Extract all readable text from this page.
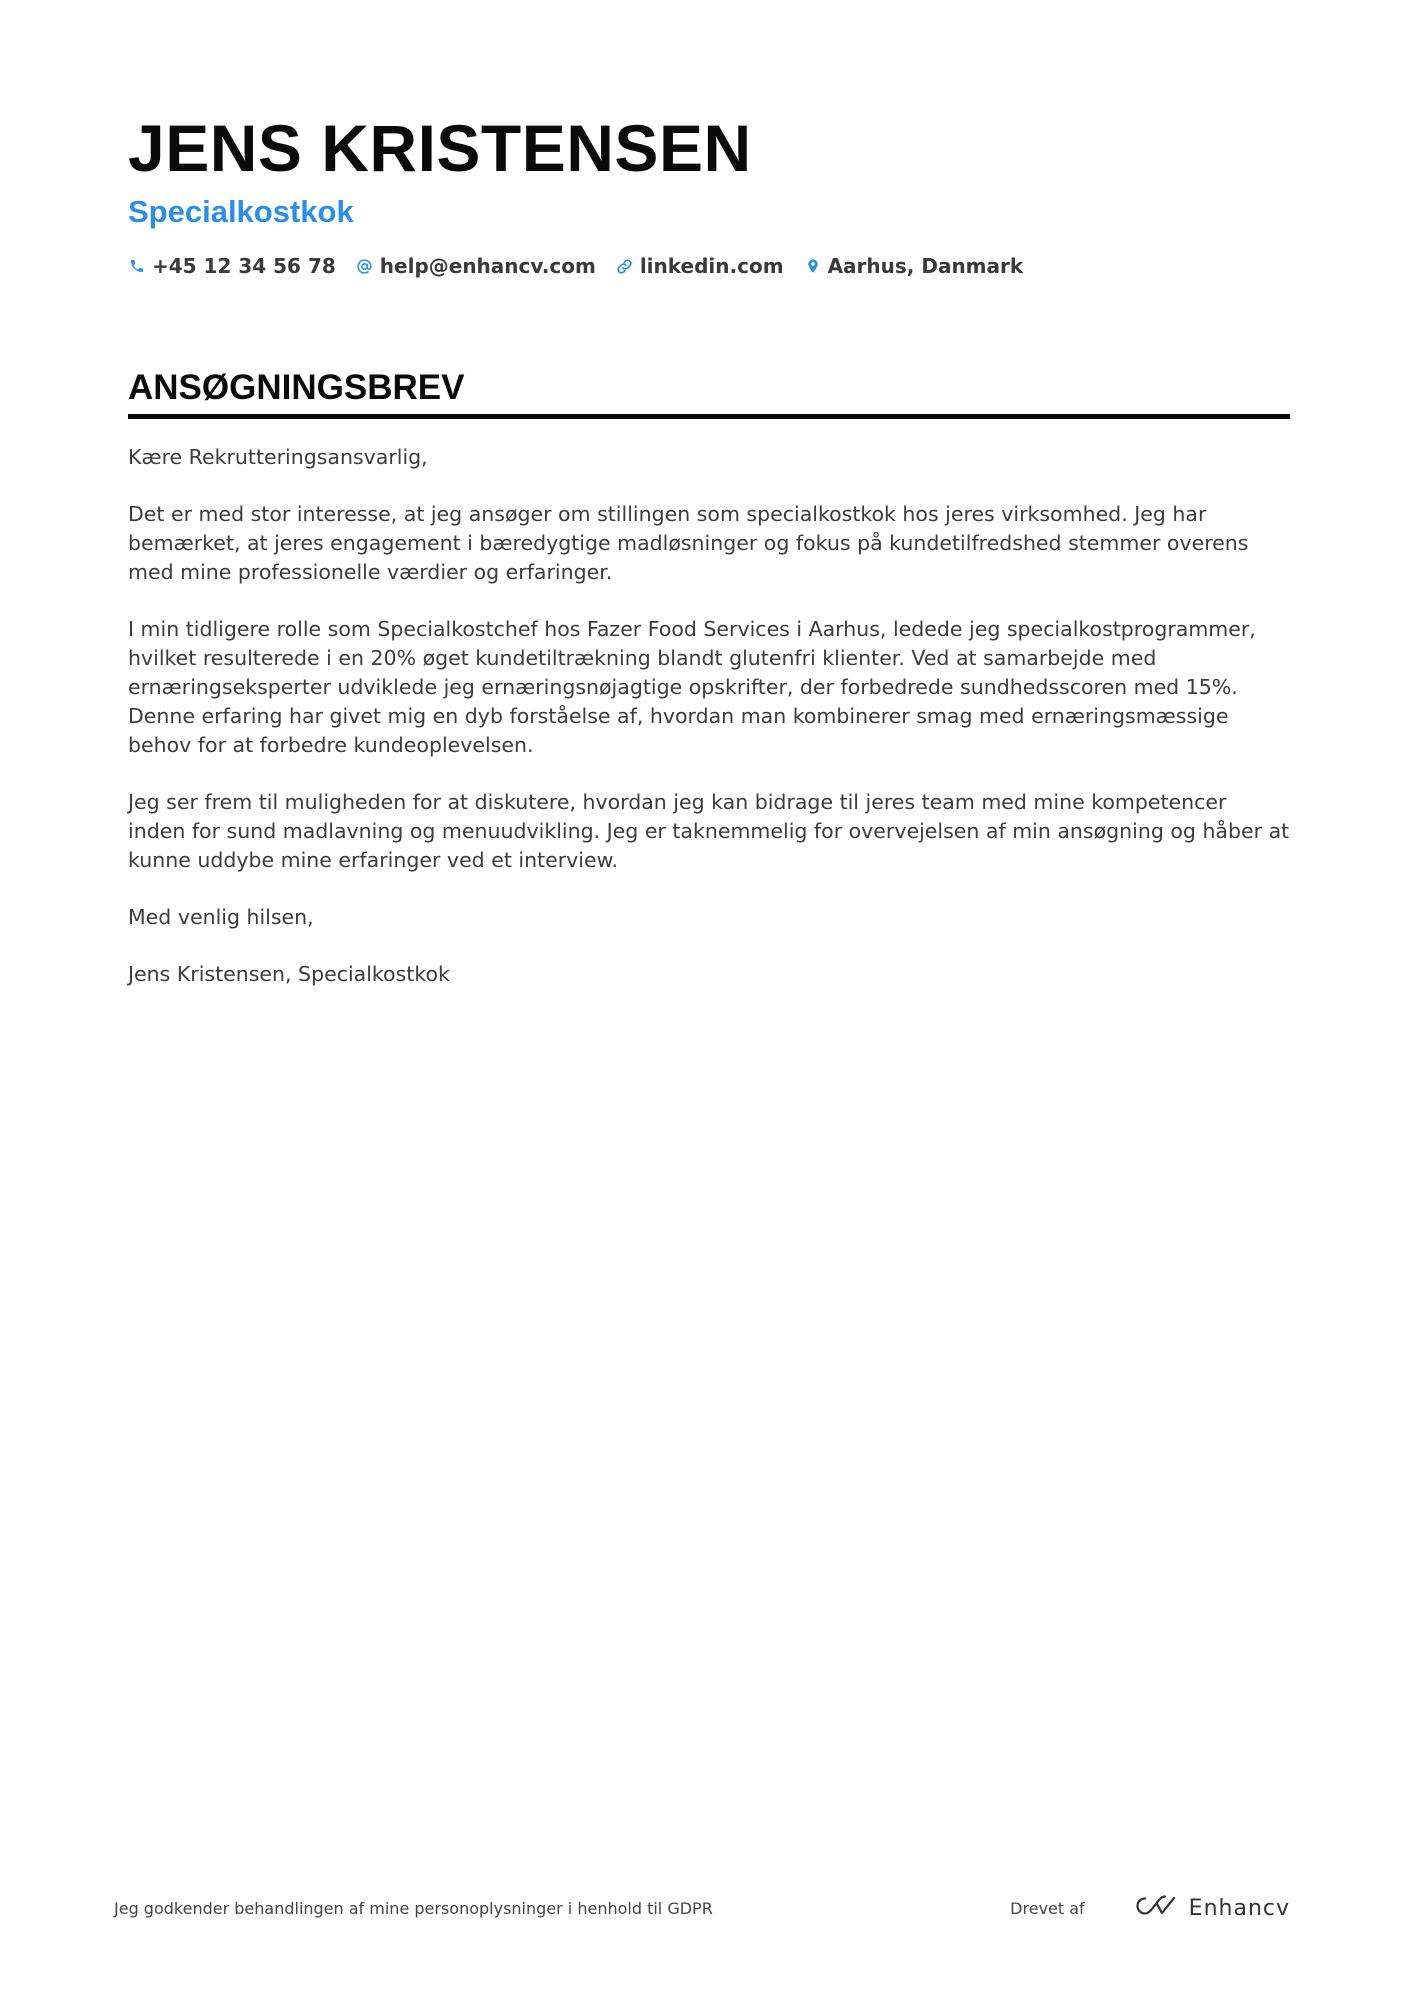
JENS KRISTENSEN
Specialkostkok
+45 12 34 56 78 help@enhancv.com linkedin.com Aarhus, Danmark
ANSØGNINGSBREV

Kære Rekrutteringsansvarlig,

Det er med stor interesse, at jeg ansøger om stillingen som specialkostkok hos jeres virksomhed. Jeg har bemærket, at jeres engagement i bæredygtige madløsninger og fokus på kundetilfredshed stemmer overens med mine professionelle værdier og erfaringer.

I min tidligere rolle som Specialkostchef hos Fazer Food Services i Aarhus, ledede jeg specialkostprogrammer, hvilket resulterede i en 20% øget kundetiltrækning blandt glutenfri klienter. Ved at samarbejde med ernæringseksperter udviklede jeg ernæringsnøjagtige opskrifter, der forbedrede sundhedsscoren med 15%. Denne erfaring har givet mig en dyb forståelse af, hvordan man kombinerer smag med ernæringsmæssige behov for at forbedre kundeoplevelsen.

Jeg ser frem til muligheden for at diskutere, hvordan jeg kan bidrage til jeres team med mine kompetencer inden for sund madlavning og menuudvikling. Jeg er taknemmelig for overvejelsen af min ansøgning og håber at kunne uddybe mine erfaringer ved et interview.

Med venlig hilsen,

Jens Kristensen, Specialkostkok

Jeg godkender behandlingen af mine personoplysninger i henhold til GDPR	Drevet af	Enhancv
